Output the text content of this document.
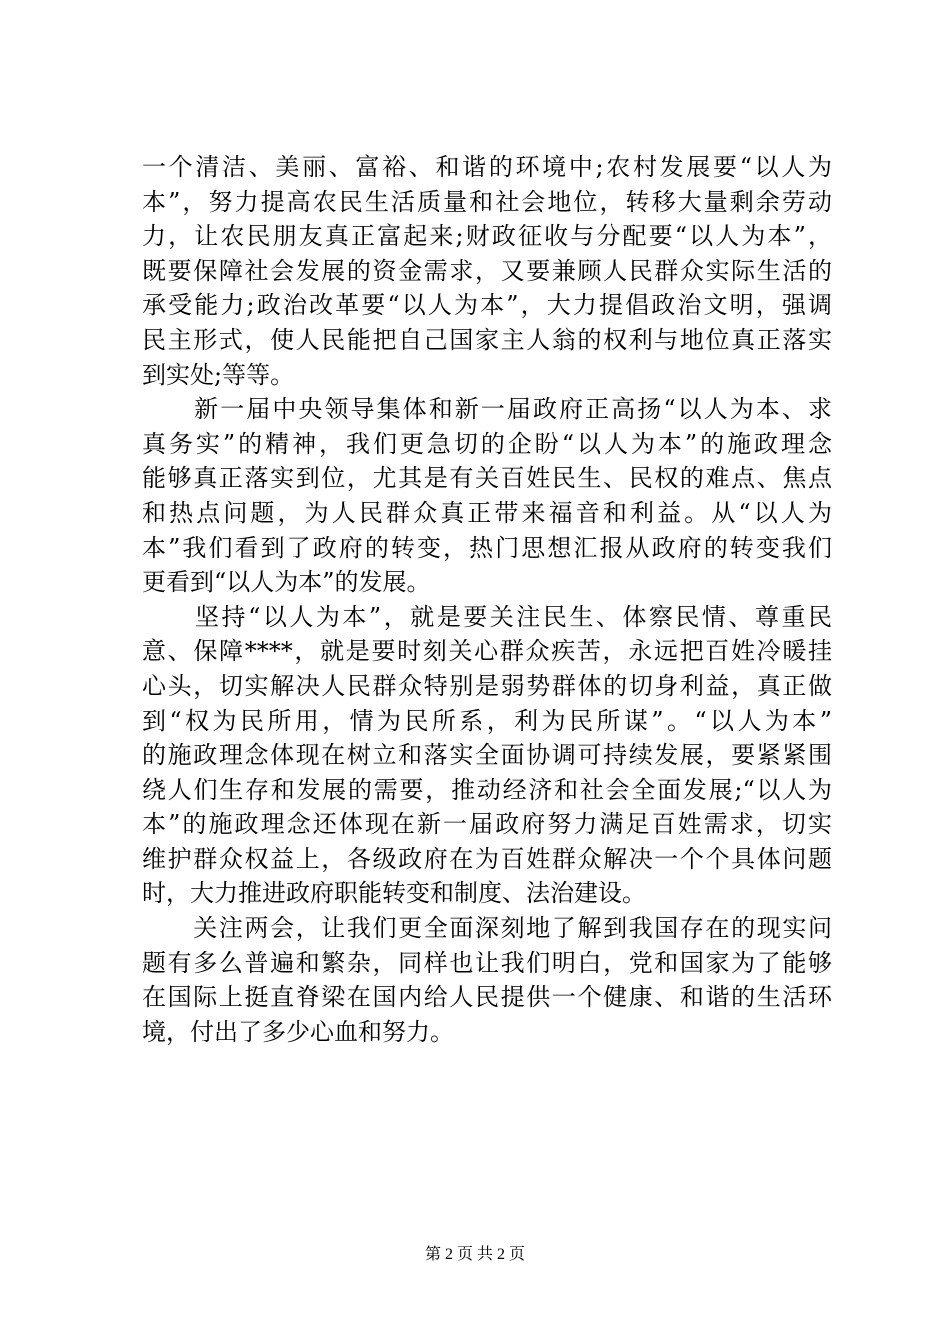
一个清洁、美丽、富裕、和谐的环境中;农村发展要“以人为
本”，努力提高农民生活质量和社会地位，转移大量剩余劳动
力，让农民朋友真正富起来;财政征收与分配要“以人为本”，
既要保障社会发展的资金需求，又要兼顾人民群众实际生活的
承受能力;政治改革要“以人为本”，大力提倡政治文明，强调
民主形式，使人民能把自己国家主人翁的权利与地位真正落实
到实处;等等。
　　新一届中央领导集体和新一届政府正高扬“以人为本、求
真务实”的精神，我们更急切的企盼“以人为本”的施政理念
能够真正落实到位，尤其是有关百姓民生、民权的难点、焦点
和热点问题，为人民群众真正带来福音和利益。从“以人为
本”我们看到了政府的转变，热门思想汇报从政府的转变我们
更看到“以人为本”的发展。
　　坚持“以人为本”，就是要关注民生、体察民情、尊重民
意、保障****，就是要时刻关心群众疾苦，永远把百姓冷暖挂
心头，切实解决人民群众特别是弱势群体的切身利益，真正做
到“权为民所用，情为民所系，利为民所谋”。“以人为本”
的施政理念体现在树立和落实全面协调可持续发展，要紧紧围
绕人们生存和发展的需要，推动经济和社会全面发展;“以人为
本”的施政理念还体现在新一届政府努力满足百姓需求，切实
维护群众权益上，各级政府在为百姓群众解决一个个具体问题
时，大力推进政府职能转变和制度、法治建设。
　　关注两会，让我们更全面深刻地了解到我国存在的现实问
题有多么普遍和繁杂，同样也让我们明白，党和国家为了能够
在国际上挺直脊梁在国内给人民提供一个健康、和谐的生活环
境，付出了多少心血和努力。
第 2 页 共 2 页
